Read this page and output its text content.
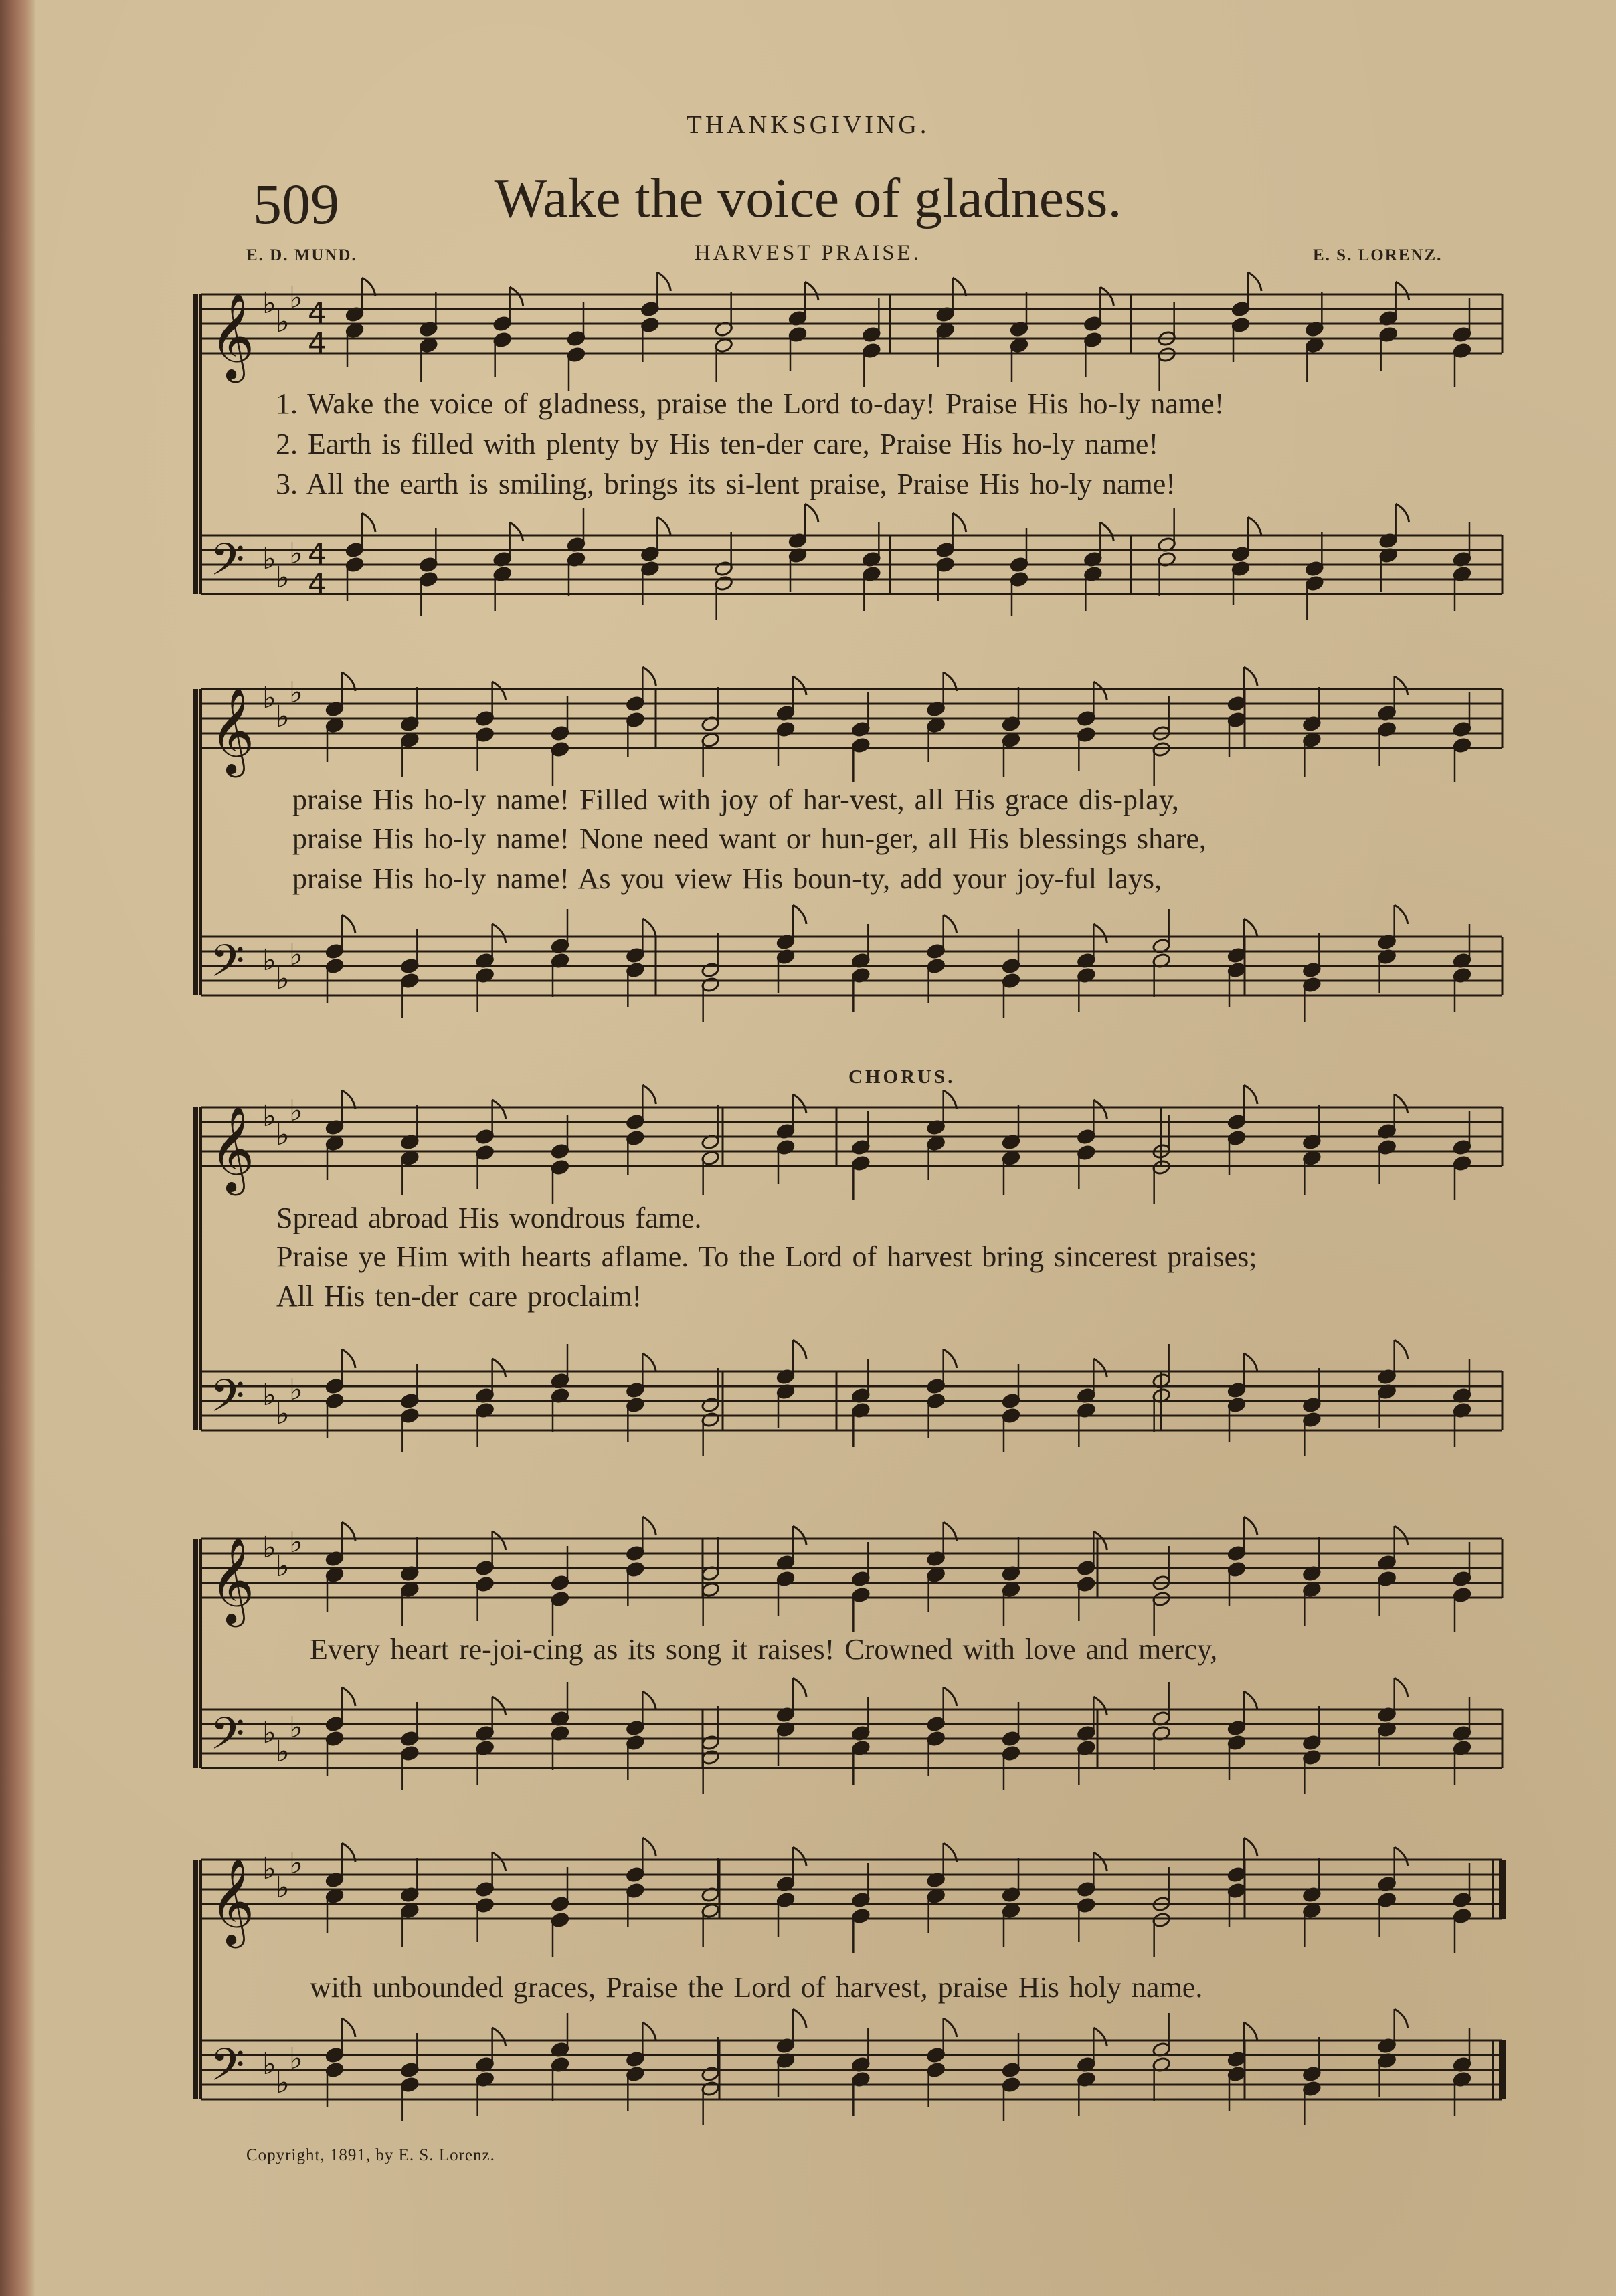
THANKSGIVING.
509	Wake the voice of gladness.
E. D. MUND.	HARVEST PRAISE.	E. S. LORENZ.
𝄞
𝄢
♭
♭
♭
♭
♭
♭
4
4
4
4
𝄞
𝄢
♭
♭
♭
♭
♭
♭
𝄞
𝄢
♭
♭
♭
♭
♭
♭
𝄞
𝄢
♭
♭
♭
♭
♭
♭
𝄞
𝄢
♭
♭
♭
♭
♭
♭
1. Wake the voice of gladness, praise the Lord to-day! Praise His ho-ly name!
2. Earth is filled with plenty by His ten-der care, Praise His ho-ly name!
3. All the earth is smiling, brings its si-lent praise, Praise His ho-ly name!
praise His ho-ly name! Filled with joy of har-vest, all His grace dis-play,
praise His ho-ly name! None need want or hun-ger, all His blessings share,
praise His ho-ly name! As you view His boun-ty, add your joy-ful lays,
CHORUS.
Spread abroad His wondrous fame.
Praise ye Him with hearts aflame. To the Lord of harvest bring sincerest praises;
All His ten-der care proclaim!
Every heart re-joi-cing as its song it raises! Crowned with love and mercy,
with unbounded graces, Praise the Lord of harvest, praise His holy name.
Copyright, 1891, by E. S. Lorenz.
